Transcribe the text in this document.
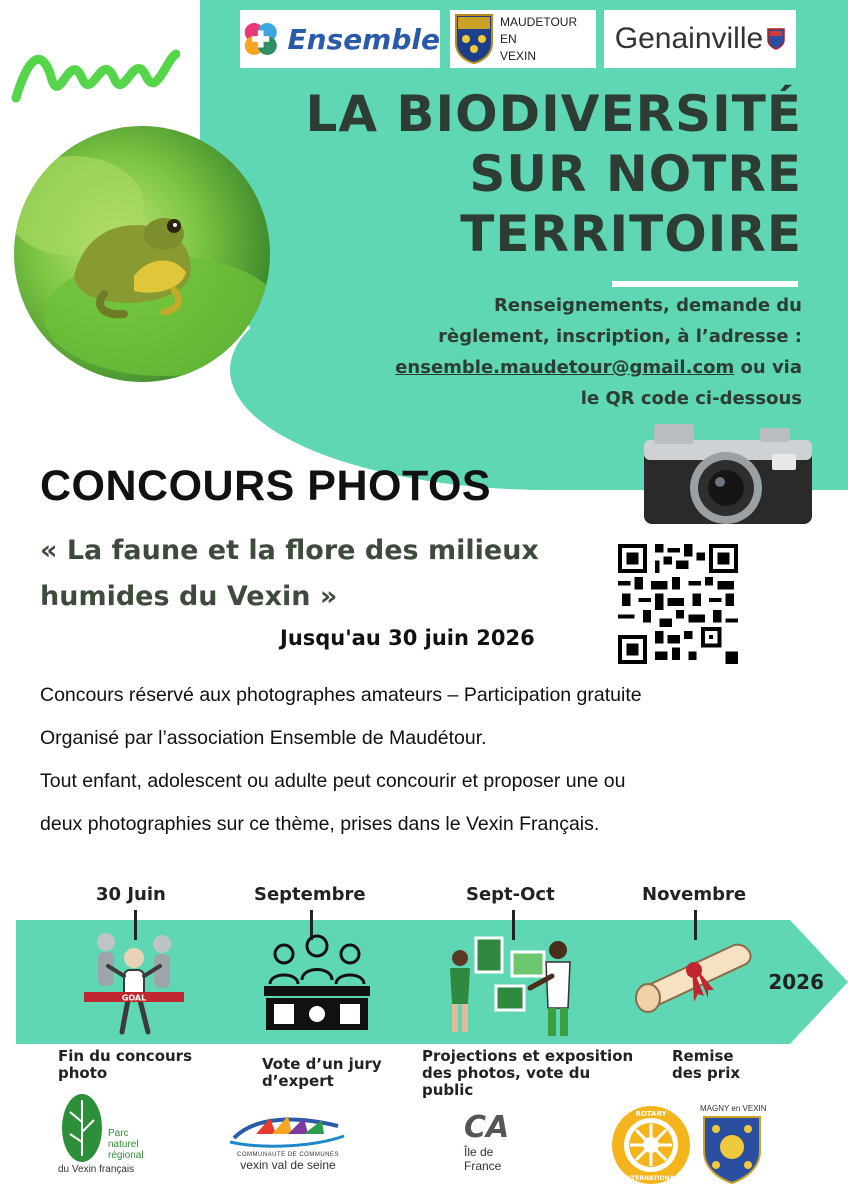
Ensemble
MAUDETOUR
EN
VEXIN
Genainville
LA BIODIVERSITÉ
SUR NOTRE
TERRITOIRE
Renseignements, demande du
règlement, inscription, à l’adresse :
ensemble.maudetour@gmail.com ou via
le QR code ci-dessous
CONCOURS PHOTOS
« La faune et la flore des milieux
humides du Vexin »
Jusqu'au 30 juin 2026
Concours réservé aux photographes amateurs – Participation gratuite
Organisé par l’association Ensemble de Maudétour.
Tout enfant, adolescent ou adulte peut concourir et proposer une ou
deux photographies sur ce thème, prises dans le Vexin Français.
30 Juin	Septembre	Sept-Oct	Novembre
2026
GOAL
Fin du concours
photo	Vote d’un jury
d’expert
Projections et exposition
des photos, vote du
public
Remise
des prix
Parc
naturel
régional
du Vexin français
COMMUNAUTE DE COMMUNES
vexin val de seine
CA
Île de
France
ROTARY
INTERNATIONAL
MAGNY en VEXIN
